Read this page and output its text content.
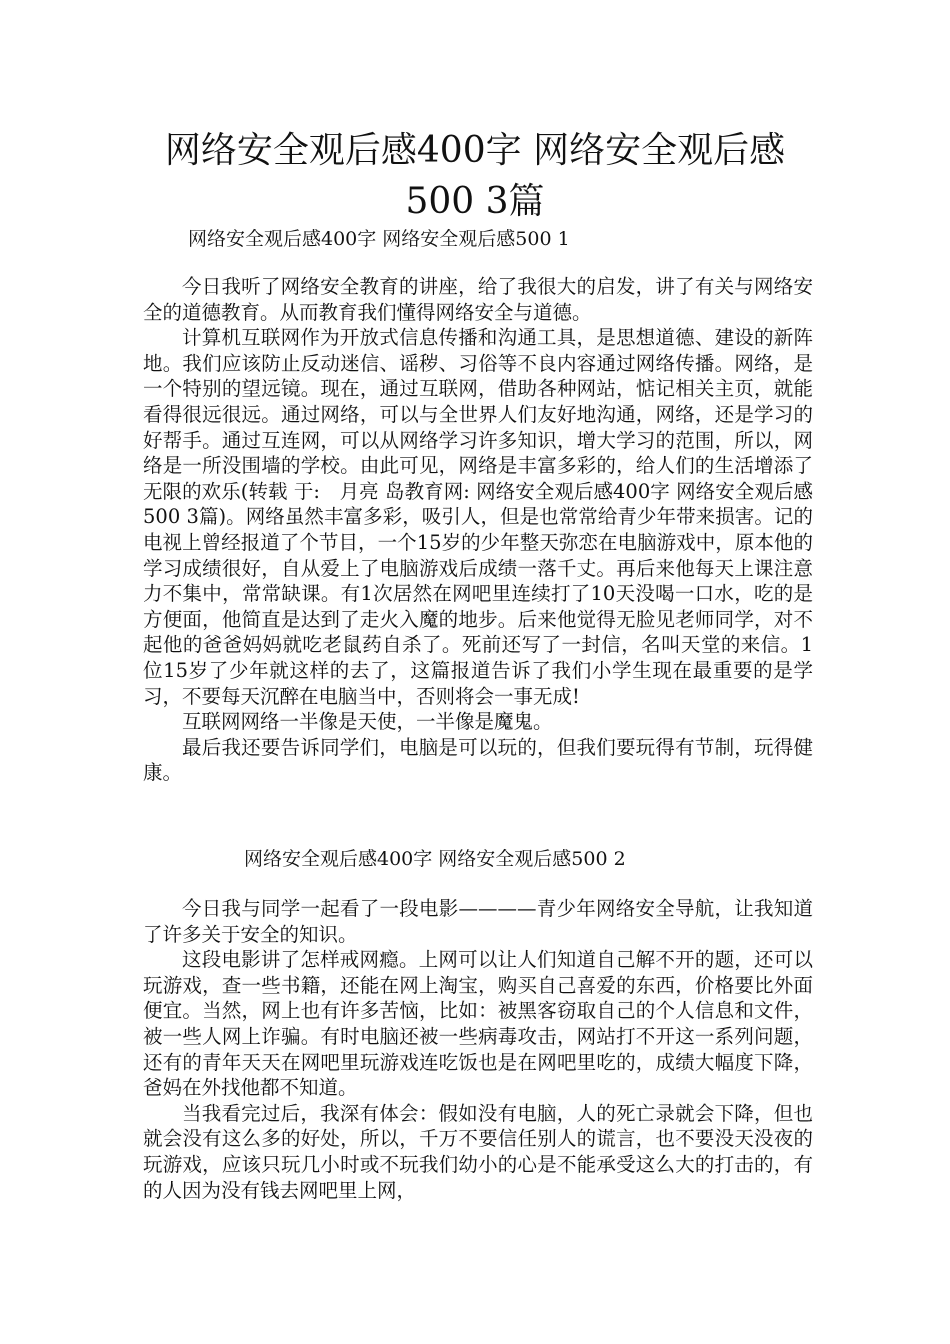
网络安全观后感400字 网络安全观后感
500 3篇
网络安全观后感400字 网络安全观后感500 1

今日我听了网络安全教育的讲座，给了我很大的启发，讲了有关与网络安全的道德教育。从而教育我们懂得网络安全与道德。

计算机互联网作为开放式信息传播和沟通工具，是思想道德、建设的新阵地。我们应该防止反动迷信、谣秽、习俗等不良内容通过网络传播。网络，是一个特别的望远镜。现在，通过互联网，借助各种网站，惦记相关主页，就能看得很远很远。通过网络，可以与全世界人们友好地沟通，网络，还是学习的好帮手。通过互连网，可以从网络学习许多知识，增大学习的范围，所以，网络是一所没围墙的学校。由此可见，网络是丰富多彩的，给人们的生活增添了无限的欢乐(转载 于:　月亮 岛教育网: 网络安全观后感400字 网络安全观后感500 3篇)。网络虽然丰富多彩，吸引人，但是也常常给青少年带来损害。记的电视上曾经报道了个节目，一个15岁的少年整天弥恋在电脑游戏中，原本他的学习成绩很好，自从爱上了电脑游戏后成绩一落千丈。再后来他每天上课注意力不集中，常常缺课。有1次居然在网吧里连续打了10天没喝一口水，吃的是方便面，他简直是达到了走火入魔的地步。后来他觉得无脸见老师同学，对不起他的爸爸妈妈就吃老鼠药自杀了。死前还写了一封信，名叫天堂的来信。1位15岁了少年就这样的去了，这篇报道告诉了我们小学生现在最重要的是学习，不要每天沉醉在电脑当中，否则将会一事无成!

互联网网络一半像是天使，一半像是魔鬼。

最后我还要告诉同学们，电脑是可以玩的，但我们要玩得有节制，玩得健康。

网络安全观后感400字 网络安全观后感500 2

今日我与同学一起看了一段电影————青少年网络安全导航，让我知道了许多关于安全的知识。

这段电影讲了怎样戒网瘾。上网可以让人们知道自己解不开的题，还可以玩游戏，查一些书籍，还能在网上淘宝，购买自己喜爱的东西，价格要比外面便宜。当然，网上也有许多苦恼，比如：被黑客窃取自己的个人信息和文件，被一些人网上诈骗。有时电脑还被一些病毒攻击，网站打不开这一系列问题，还有的青年天天在网吧里玩游戏连吃饭也是在网吧里吃的，成绩大幅度下降，爸妈在外找他都不知道。

当我看完过后，我深有体会：假如没有电脑，人的死亡录就会下降，但也就会没有这么多的好处，所以，千万不要信任别人的谎言，也不要没天没夜的玩游戏，应该只玩几小时或不玩我们幼小的心是不能承受这么大的打击的，有的人因为没有钱去网吧里上网，
